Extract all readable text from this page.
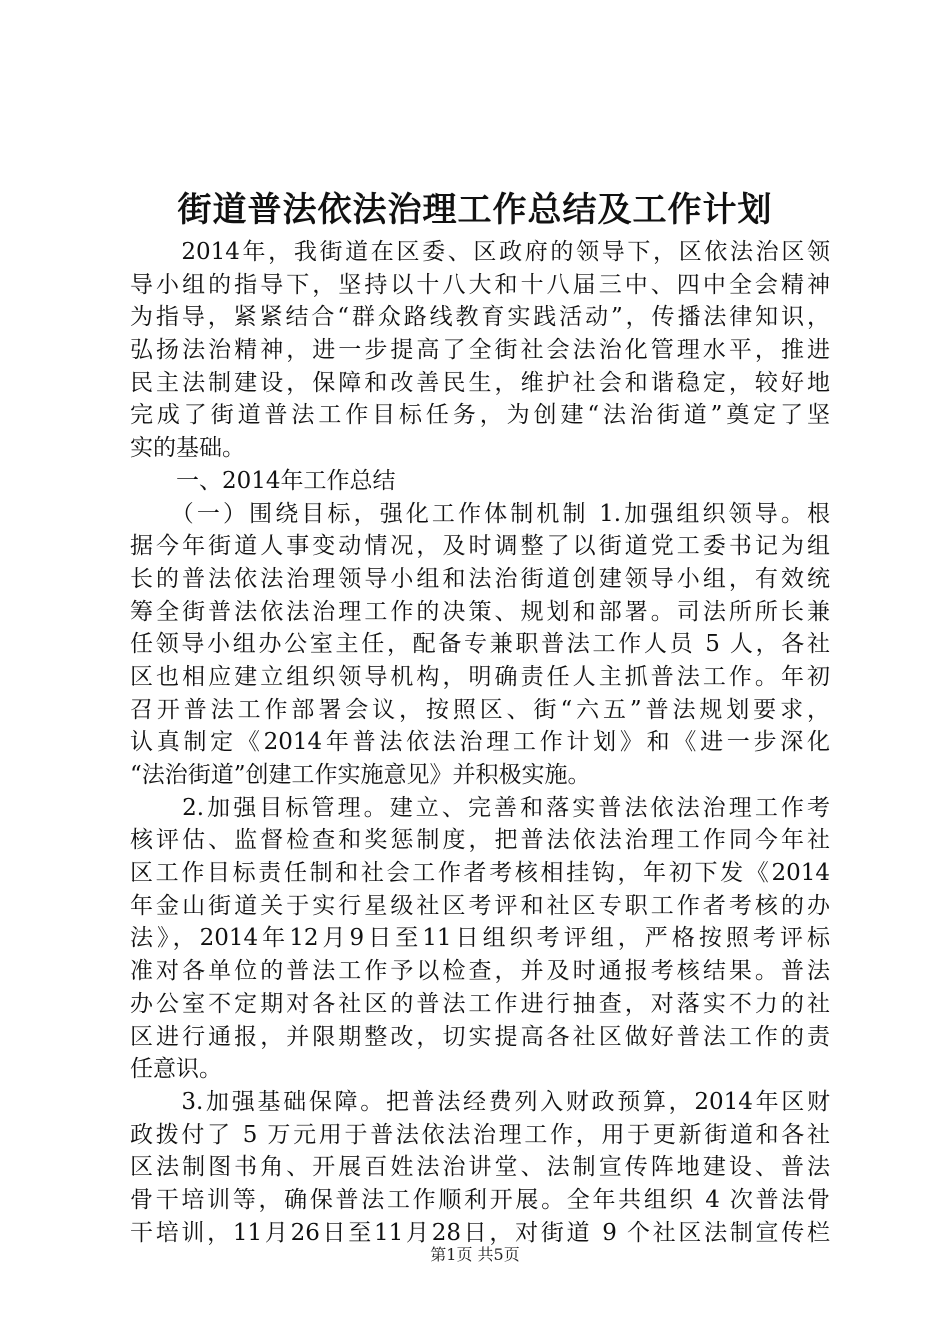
街道普法依法治理工作总结及工作计划
　　2014年，我街道在区委、区政府的领导下，区依法治区领
导小组的指导下，坚持以十八大和十八届三中、四中全会精神
为指导，紧紧结合“群众路线教育实践活动”，传播法律知识，
弘扬法治精神，进一步提高了全街社会法治化管理水平，推进
民主法制建设，保障和改善民生，维护社会和谐稳定，较好地
完成了街道普法工作目标任务，为创建“法治街道”奠定了坚
实的基础。
　　一、2014年工作总结
　　（一）围绕目标，强化工作体制机制 1.加强组织领导。根
据今年街道人事变动情况，及时调整了以街道党工委书记为组
长的普法依法治理领导小组和法治街道创建领导小组，有效统
筹全街普法依法治理工作的决策、规划和部署。司法所所长兼
任领导小组办公室主任，配备专兼职普法工作人员 5 人，各社
区也相应建立组织领导机构，明确责任人主抓普法工作。年初
召开普法工作部署会议，按照区、街“六五”普法规划要求，
认真制定《2014年普法依法治理工作计划》和《进一步深化
“法治街道”创建工作实施意见》并积极实施。
　　2.加强目标管理。建立、完善和落实普法依法治理工作考
核评估、监督检查和奖惩制度，把普法依法治理工作同今年社
区工作目标责任制和社会工作者考核相挂钩，年初下发《2014
年金山街道关于实行星级社区考评和社区专职工作者考核的办
法》，2014年12月9日至11日组织考评组，严格按照考评标
准对各单位的普法工作予以检查，并及时通报考核结果。普法
办公室不定期对各社区的普法工作进行抽查，对落实不力的社
区进行通报，并限期整改，切实提高各社区做好普法工作的责
任意识。
　　3.加强基础保障。把普法经费列入财政预算，2014年区财
政拨付了 5 万元用于普法依法治理工作，用于更新街道和各社
区法制图书角、开展百姓法治讲堂、法制宣传阵地建设、普法
骨干培训等，确保普法工作顺利开展。全年共组织 4 次普法骨
干培训，11月26日至11月28日，对街道 9 个社区法制宣传栏
第1页 共5页
